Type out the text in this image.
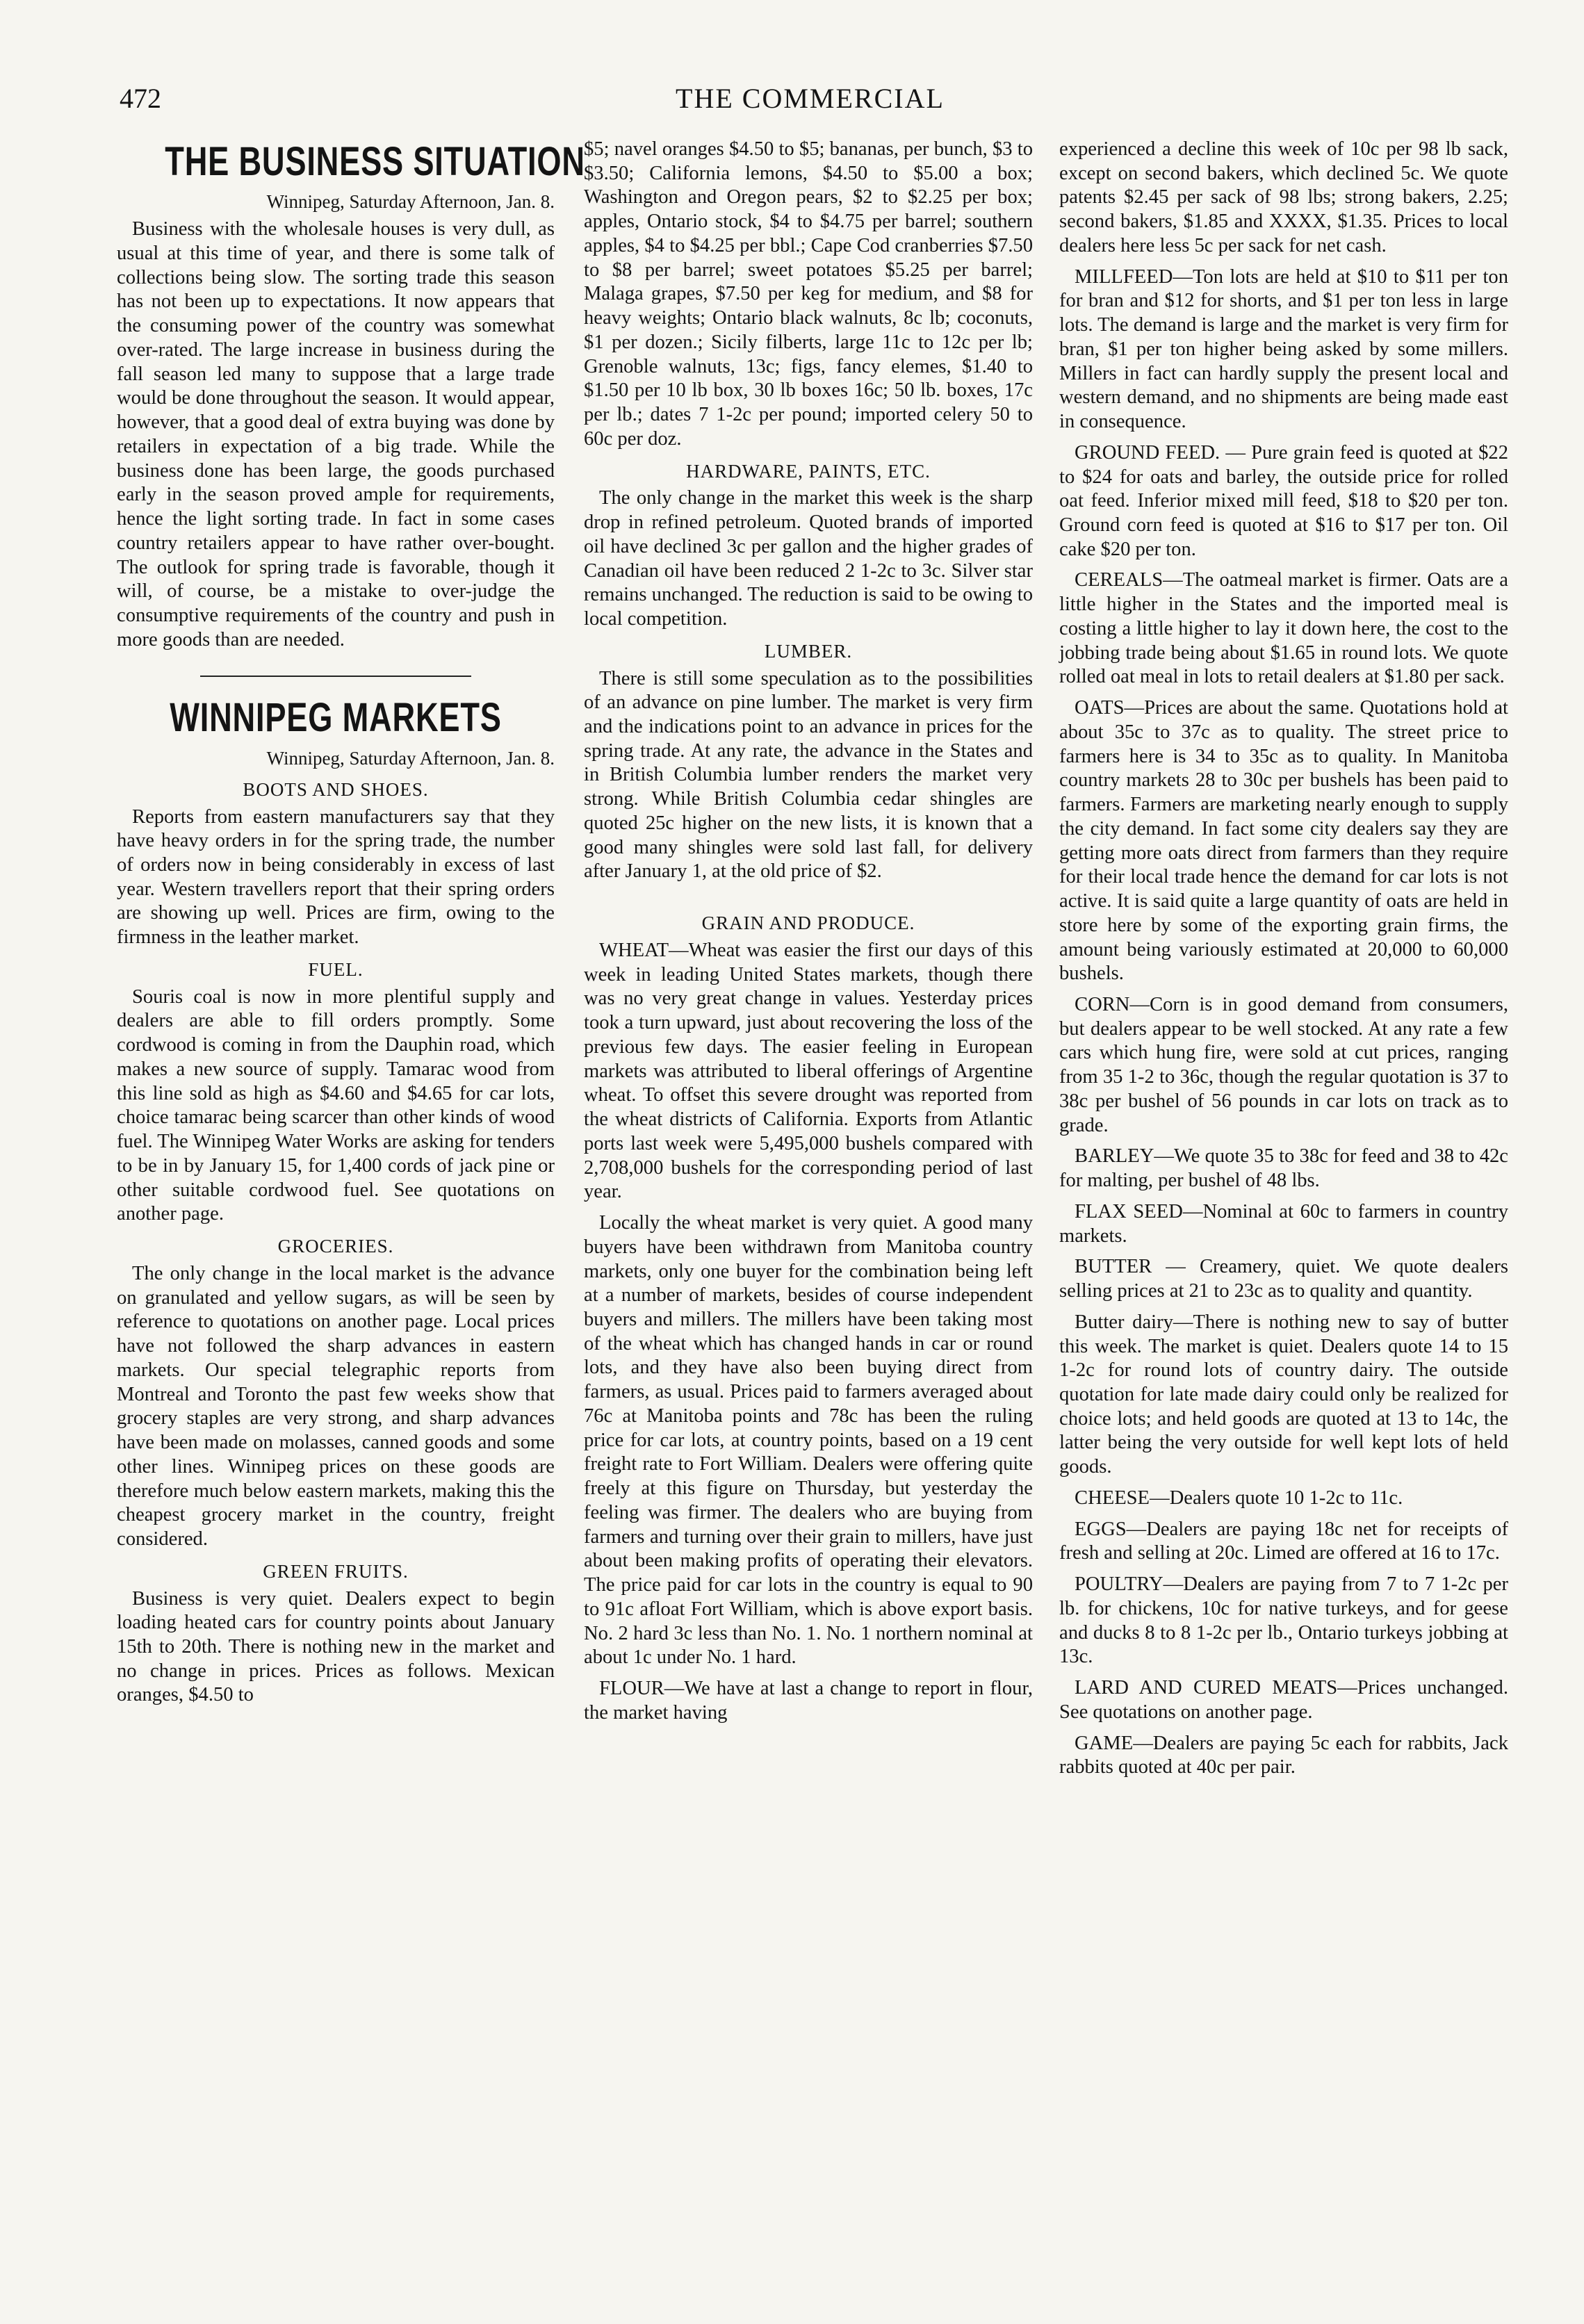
472	THE COMMERCIAL
THE BUSINESS SITUATION

Winnipeg, Saturday Afternoon, Jan. 8.

Business with the wholesale houses is very dull, as usual at this time of year, and there is some talk of collections being slow. The sorting trade this season has not been up to expectations. It now appears that the consuming power of the country was somewhat over-rated. The large increase in business during the fall season led many to suppose that a large trade would be done throughout the season. It would appear, however, that a good deal of extra buying was done by retailers in expectation of a big trade. While the business done has been large, the goods purchased early in the season proved ample for requirements, hence the light sorting trade. In fact in some cases country retailers appear to have rather over-bought. The outlook for spring trade is favorable, though it will, of course, be a mistake to over-judge the consumptive requirements of the country and push in more goods than are needed.

WINNIPEG MARKETS

Winnipeg, Saturday Afternoon, Jan. 8.

BOOTS AND SHOES.

Reports from eastern manufacturers say that they have heavy orders in for the spring trade, the number of orders now in being considerably in excess of last year. Western travellers report that their spring orders are showing up well. Prices are firm, owing to the firmness in the leather market.

FUEL.

Souris coal is now in more plentiful supply and dealers are able to fill orders promptly. Some cordwood is coming in from the Dauphin road, which makes a new source of supply. Tamarac wood from this line sold as high as $4.60 and $4.65 for car lots, choice tamarac being scarcer than other kinds of wood fuel. The Winnipeg Water Works are asking for tenders to be in by January 15, for 1,400 cords of jack pine or other suitable cordwood fuel. See quotations on another page.

GROCERIES.

The only change in the local market is the advance on granulated and yellow sugars, as will be seen by reference to quotations on another page. Local prices have not followed the sharp advances in eastern markets. Our special telegraphic reports from Montreal and Toronto the past few weeks show that grocery staples are very strong, and sharp advances have been made on molasses, canned goods and some other lines. Winnipeg prices on these goods are therefore much below eastern markets, making this the cheapest grocery market in the country, freight considered.

GREEN FRUITS.

Business is very quiet. Dealers expect to begin loading heated cars for country points about January 15th to 20th. There is nothing new in the market and no change in prices. Prices as follows. Mexican oranges, $4.50 to

$5; navel oranges $4.50 to $5; bananas, per bunch, $3 to $3.50; California lemons, $4.50 to $5.00 a box; Washington and Oregon pears, $2 to $2.25 per box; apples, Ontario stock, $4 to $4.75 per barrel; southern apples, $4 to $4.25 per bbl.; Cape Cod cranberries $7.50 to $8 per barrel; sweet potatoes $5.25 per barrel; Malaga grapes, $7.50 per keg for medium, and $8 for heavy weights; Ontario black walnuts, 8c lb; coconuts, $1 per dozen.; Sicily filberts, large 11c to 12c per lb; Grenoble walnuts, 13c; figs, fancy elemes, $1.40 to $1.50 per 10 lb box, 30 lb boxes 16c; 50 lb. boxes, 17c per lb.; dates 7 1-2c per pound; imported celery 50 to 60c per doz.

HARDWARE, PAINTS, ETC.

The only change in the market this week is the sharp drop in refined petroleum. Quoted brands of imported oil have declined 3c per gallon and the higher grades of Canadian oil have been reduced 2 1-2c to 3c. Silver star remains unchanged. The reduction is said to be owing to local competition.

LUMBER.

There is still some speculation as to the possibilities of an advance on pine lumber. The market is very firm and the indications point to an advance in prices for the spring trade. At any rate, the advance in the States and in British Columbia lumber renders the market very strong. While British Columbia cedar shingles are quoted 25c higher on the new lists, it is known that a good many shingles were sold last fall, for delivery after January 1, at the old price of $2.

GRAIN AND PRODUCE.

WHEAT—Wheat was easier the first our days of this week in leading United States markets, though there was no very great change in values. Yesterday prices took a turn upward, just about recovering the loss of the previous few days. The easier feeling in European markets was attributed to liberal offerings of Argentine wheat. To offset this severe drought was reported from the wheat districts of California. Exports from Atlantic ports last week were 5,495,000 bushels compared with 2,708,000 bushels for the corresponding period of last year.

Locally the wheat market is very quiet. A good many buyers have been withdrawn from Manitoba country markets, only one buyer for the combination being left at a number of markets, besides of course independent buyers and millers. The millers have been taking most of the wheat which has changed hands in car or round lots, and they have also been buying direct from farmers, as usual. Prices paid to farmers averaged about 76c at Manitoba points and 78c has been the ruling price for car lots, at country points, based on a 19 cent freight rate to Fort William. Dealers were offering quite freely at this figure on Thursday, but yesterday the feeling was firmer. The dealers who are buying from farmers and turning over their grain to millers, have just about been making profits of operating their elevators. The price paid for car lots in the country is equal to 90 to 91c afloat Fort William, which is above export basis. No. 2 hard 3c less than No. 1. No. 1 northern nominal at about 1c under No. 1 hard.

FLOUR—We have at last a change to report in flour, the market having

experienced a decline this week of 10c per 98 lb sack, except on second bakers, which declined 5c. We quote patents $2.45 per sack of 98 lbs; strong bakers, 2.25; second bakers, $1.85 and XXXX, $1.35. Prices to local dealers here less 5c per sack for net cash.

MILLFEED—Ton lots are held at $10 to $11 per ton for bran and $12 for shorts, and $1 per ton less in large lots. The demand is large and the market is very firm for bran, $1 per ton higher being asked by some millers. Millers in fact can hardly supply the present local and western demand, and no shipments are being made east in consequence.

GROUND FEED. — Pure grain feed is quoted at $22 to $24 for oats and barley, the outside price for rolled oat feed. Inferior mixed mill feed, $18 to $20 per ton. Ground corn feed is quoted at $16 to $17 per ton. Oil cake $20 per ton.

CEREALS—The oatmeal market is firmer. Oats are a little higher in the States and the imported meal is costing a little higher to lay it down here, the cost to the jobbing trade being about $1.65 in round lots. We quote rolled oat meal in lots to retail dealers at $1.80 per sack.

OATS—Prices are about the same. Quotations hold at about 35c to 37c as to quality. The street price to farmers here is 34 to 35c as to quality. In Manitoba country markets 28 to 30c per bushels has been paid to farmers. Farmers are marketing nearly enough to supply the city demand. In fact some city dealers say they are getting more oats direct from farmers than they require for their local trade hence the demand for car lots is not active. It is said quite a large quantity of oats are held in store here by some of the exporting grain firms, the amount being variously estimated at 20,000 to 60,000 bushels.

CORN—Corn is in good demand from consumers, but dealers appear to be well stocked. At any rate a few cars which hung fire, were sold at cut prices, ranging from 35 1-2 to 36c, though the regular quotation is 37 to 38c per bushel of 56 pounds in car lots on track as to grade.

BARLEY—We quote 35 to 38c for feed and 38 to 42c for malting, per bushel of 48 lbs.

FLAX SEED—Nominal at 60c to farmers in country markets.

BUTTER — Creamery, quiet. We quote dealers selling prices at 21 to 23c as to quality and quantity.

Butter dairy—There is nothing new to say of butter this week. The market is quiet. Dealers quote 14 to 15 1-2c for round lots of country dairy. The outside quotation for late made dairy could only be realized for choice lots; and held goods are quoted at 13 to 14c, the latter being the very outside for well kept lots of held goods.

CHEESE—Dealers quote 10 1-2c to 11c.

EGGS—Dealers are paying 18c net for receipts of fresh and selling at 20c. Limed are offered at 16 to 17c.

POULTRY—Dealers are paying from 7 to 7 1-2c per lb. for chickens, 10c for native turkeys, and for geese and ducks 8 to 8 1-2c per lb., Ontario turkeys jobbing at 13c.

LARD AND CURED MEATS—Prices unchanged. See quotations on another page.

GAME—Dealers are paying 5c each for rabbits, Jack rabbits quoted at 40c per pair.
